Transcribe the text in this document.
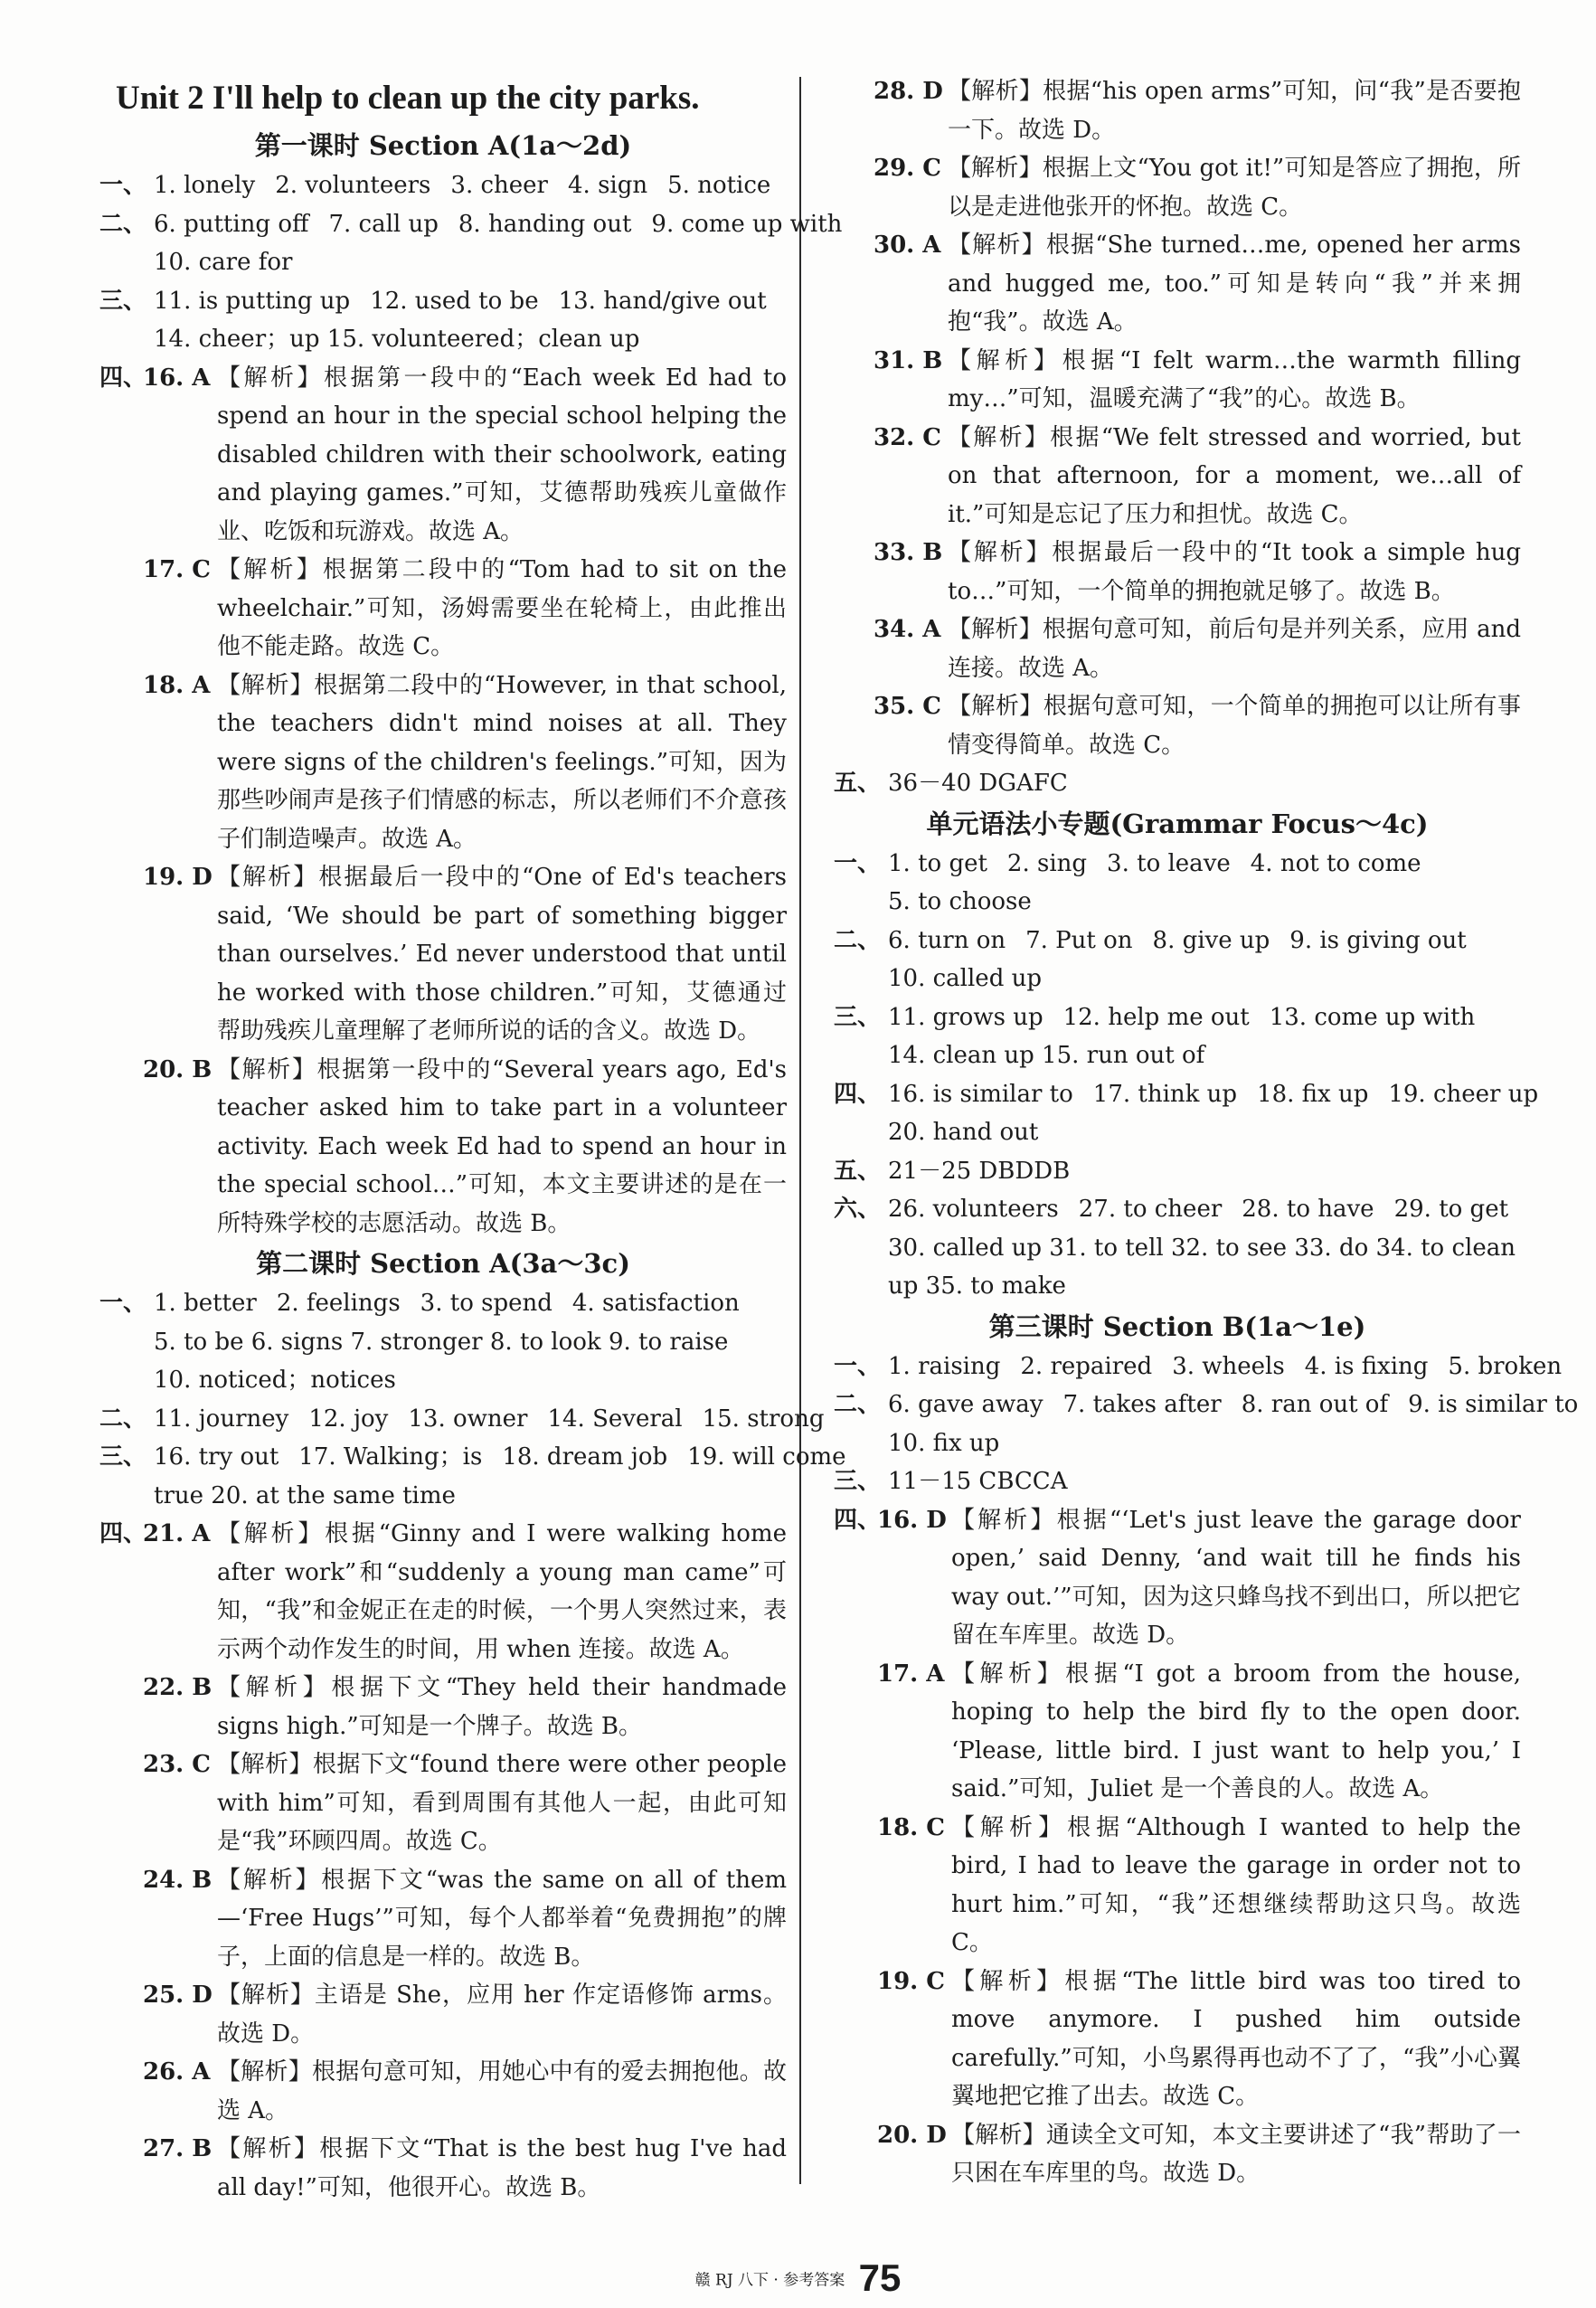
Unit 2 I'll help to clean up the city parks.
第一课时 Section A(1a～2d)
一、 1. lonely 2. volunteers 3. cheer 4. sign 5. notice
二、 6. putting off 7. call up 8. handing out 9. come up with
10. care for
三、 11. is putting up 12. used to be 13. hand/give out
14. cheer；up 15. volunteered；clean up
四、
16. A 【解析】根据第一段中的“Each week Ed had to spend an hour in the special school helping the disabled children with their schoolwork, eating and playing games.”可知，艾德帮助残疾儿童做作业、吃饭和玩游戏。故选 A。
17. C 【解析】根据第二段中的“Tom had to sit on the wheelchair.”可知，汤姆需要坐在轮椅上，由此推出他不能走路。故选 C。
18. A 【解析】根据第二段中的“However, in that school, the teachers didn't mind noises at all. They were signs of the children's feelings.”可知，因为那些吵闹声是孩子们情感的标志，所以老师们不介意孩子们制造噪声。故选 A。
19. D 【解析】根据最后一段中的“One of Ed's teachers said, ‘We should be part of something bigger than ourselves.’ Ed never understood that until he worked with those children.”可知，艾德通过帮助残疾儿童理解了老师所说的话的含义。故选 D。
20. B 【解析】根据第一段中的“Several years ago, Ed's teacher asked him to take part in a volunteer activity. Each week Ed had to spend an hour in the special school…”可知，本文主要讲述的是在一所特殊学校的志愿活动。故选 B。
第二课时 Section A(3a～3c)
一、 1. better 2. feelings 3. to spend 4. satisfaction
5. to be 6. signs 7. stronger 8. to look 9. to raise
10. noticed；notices
二、 11. journey 12. joy 13. owner 14. Several 15. strong
三、 16. try out 17. Walking；is 18. dream job 19. will come
true 20. at the same time
四、
21. A 【解析】根据“Ginny and I were walking home after work”和“suddenly a young man came”可知，“我”和金妮正在走的时候，一个男人突然过来，表示两个动作发生的时间，用 when 连接。故选 A。
22. B 【解析】根据下文“They held their handmade signs high.”可知是一个牌子。故选 B。
23. C 【解析】根据下文“found there were other people with him”可知，看到周围有其他人一起，由此可知是“我”环顾四周。故选 C。
24. B 【解析】根据下文“was the same on all of them—‘Free Hugs’”可知，每个人都举着“免费拥抱”的牌子，上面的信息是一样的。故选 B。
25. D 【解析】主语是 She，应用 her 作定语修饰 arms。故选 D。
26. A 【解析】根据句意可知，用她心中有的爱去拥抱他。故选 A。
27. B 【解析】根据下文“That is the best hug I've had all day!”可知，他很开心。故选 B。
28. D 【解析】根据“his open arms”可知，问“我”是否要抱一下。故选 D。
29. C 【解析】根据上文“You got it!”可知是答应了拥抱，所以是走进他张开的怀抱。故选 C。
30. A 【解析】根据“She turned…me, opened her arms and hugged me, too.”可知是转向“我”并来拥抱“我”。故选 A。
31. B 【解析】根据“I felt warm…the warmth filling my…”可知，温暖充满了“我”的心。故选 B。
32. C 【解析】根据“We felt stressed and worried, but on that afternoon, for a moment, we…all of it.”可知是忘记了压力和担忧。故选 C。
33. B 【解析】根据最后一段中的“It took a simple hug to…”可知，一个简单的拥抱就足够了。故选 B。
34. A 【解析】根据句意可知，前后句是并列关系，应用 and 连接。故选 A。
35. C 【解析】根据句意可知，一个简单的拥抱可以让所有事情变得简单。故选 C。
五、 36－40 DGAFC
单元语法小专题(Grammar Focus～4c)
一、 1. to get 2. sing 3. to leave 4. not to come
5. to choose
二、 6. turn on 7. Put on 8. give up 9. is giving out
10. called up
三、 11. grows up 12. help me out 13. come up with
14. clean up 15. run out of
四、 16. is similar to 17. think up 18. fix up 19. cheer up
20. hand out
五、 21－25 DBDDB
六、 26. volunteers 27. to cheer 28. to have 29. to get
30. called up 31. to tell 32. to see 33. do 34. to clean
up 35. to make
第三课时 Section B(1a～1e)
一、 1. raising 2. repaired 3. wheels 4. is fixing 5. broken
二、 6. gave away 7. takes after 8. ran out of 9. is similar to
10. fix up
三、 11－15 CBCCA
四、
16. D 【解析】根据“‘Let's just leave the garage door open,’ said Denny, ‘and wait till he finds his way out.’”可知，因为这只蜂鸟找不到出口，所以把它留在车库里。故选 D。
17. A 【解析】根据“I got a broom from the house, hoping to help the bird fly to the open door. ‘Please, little bird. I just want to help you,’ I said.”可知，Juliet 是一个善良的人。故选 A。
18. C 【解析】根据“Although I wanted to help the bird, I had to leave the garage in order not to hurt him.”可知，“我”还想继续帮助这只鸟。故选 C。
19. C 【解析】根据“The little bird was too tired to move anymore. I pushed him outside carefully.”可知，小鸟累得再也动不了了，“我”小心翼翼地把它推了出去。故选 C。
20. D 【解析】通读全文可知，本文主要讲述了“我”帮助了一只困在车库里的鸟。故选 D。
赣 RJ 八下 · 参考答案 75
